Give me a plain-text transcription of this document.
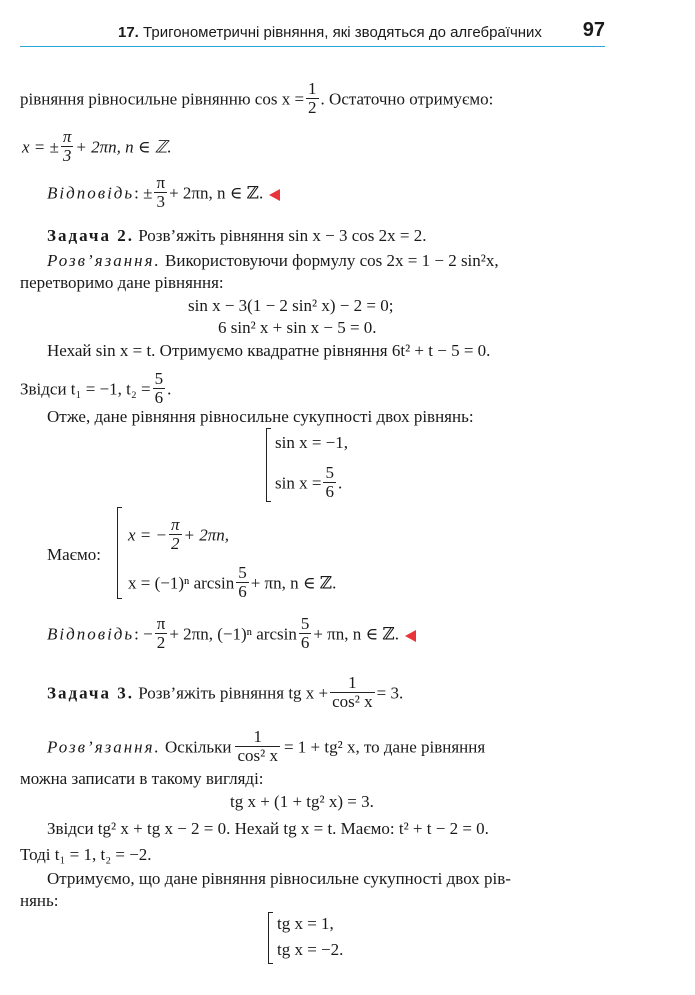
17. Тригонометричні рівняння, які зводяться до алгебраїчних 97
рівняння рівносильне рівнянню $\cos x = \frac{1}{2}$ . Остаточно отримуємо:
x = ± $\frac{\pi}{3} + 2\pi n$, n ∈ ℤ.
Відповідь: ± $\frac{\pi}{3} + 2\pi n$, n ∈ ℤ.
Задача 2. Розв’яжіть рівняння sin x − 3 cos 2x = 2.
Розв’язання. Використовуючи формулу cos 2x = 1 − 2 sin²x,
перетворимо дане рівняння:
sin x − 3(1 − 2 sin² x) − 2 = 0;
6 sin² x + sin x − 5 = 0.
Нехай sin x = t. Отримуємо квадратне рівняння 6t² + t − 5 = 0.
Звідси t₁ = −1, $t_2 = \frac{5}{6}$ .
Отже, дане рівняння рівносильне сукупності двох рівнянь:
sin x = −1,
$\sin x = \frac{5}{6}$ .
Маємо:
x = − $\frac{\pi}{2} + 2\pi n$,
x = (−1)ⁿ $\arcsin \frac{5}{6} + \pi n$, n ∈ ℤ.
Відповідь: − $\frac{\pi}{2} + 2\pi n$, (−1)ⁿ $\arcsin \frac{5}{6} + \pi n$, n ∈ ℤ.
Задача 3. Розв’яжіть рівняння tg $x + \frac{1}{\text{cos² x}} = 3$.
Розв’язання. Оскільки $\frac{1}{\text{cos² x}} = 1 + tg^2$ x, то дане рівняння
можна записати в такому вигляді:
tg x + (1 + tg² x) = 3.
Звідси tg² x + tg x − 2 = 0. Нехай tg x = t. Маємо: t² + t − 2 = 0.
Тоді t₁ = 1, t₂ = −2.
Отримуємо, що дане рівняння рівносильне сукупності двох рів-
нянь:
tg x = 1,
tg x = −2.
